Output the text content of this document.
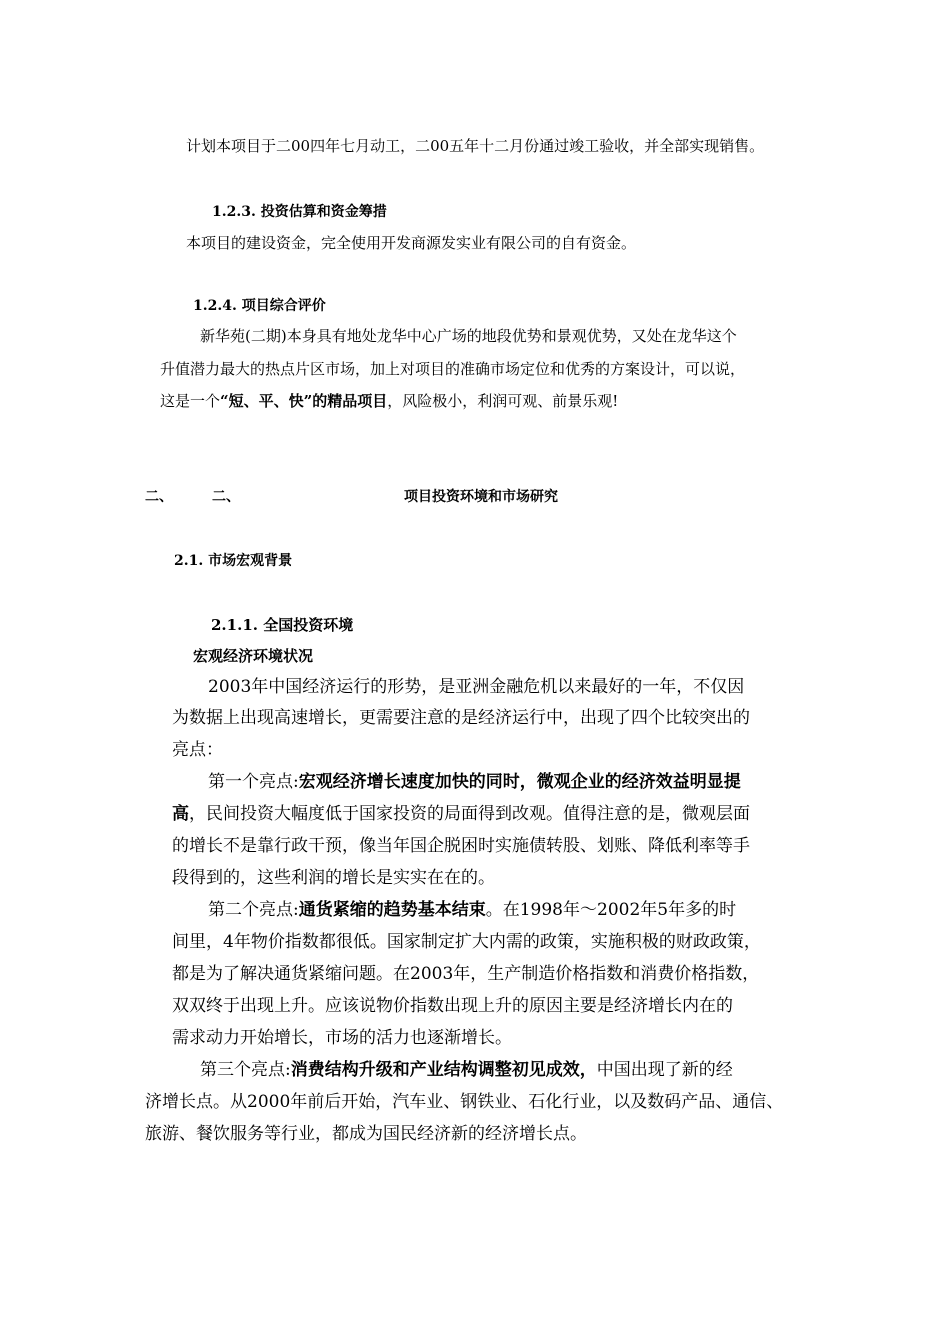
计划本项目于二00四年七月动工，二00五年十二月份通过竣工验收，并全部实现销售。

1.2.3. 投资估算和资金筹措

本项目的建设资金，完全使用开发商源发实业有限公司的自有资金。

1.2.4. 项目综合评价

新华苑(二期)本身具有地处龙华中心广场的地段优势和景观优势，又处在龙华这个

升值潜力最大的热点片区市场，加上对项目的准确市场定位和优秀的方案设计，可以说，

这是一个“短、平、快”的精品项目，风险极小，利润可观、前景乐观!

二、	二、	项目投资环境和市场研究

2.1. 市场宏观背景

2.1.1. 全国投资环境

宏观经济环境状况

2003年中国经济运行的形势，是亚洲金融危机以来最好的一年，不仅因

为数据上出现高速增长，更需要注意的是经济运行中，出现了四个比较突出的

亮点：

第一个亮点:宏观经济增长速度加快的同时，微观企业的经济效益明显提

高，民间投资大幅度低于国家投资的局面得到改观。值得注意的是，微观层面

的增长不是靠行政干预，像当年国企脱困时实施债转股、划账、降低利率等手

段得到的，这些利润的增长是实实在在的。

第二个亮点:通货紧缩的趋势基本结束。在1998年～2002年5年多的时

间里，4年物价指数都很低。国家制定扩大内需的政策，实施积极的财政政策，

都是为了解决通货紧缩问题。在2003年，生产制造价格指数和消费价格指数，

双双终于出现上升。应该说物价指数出现上升的原因主要是经济增长内在的

需求动力开始增长，市场的活力也逐渐增长。

第三个亮点:消费结构升级和产业结构调整初见成效，中国出现了新的经

济增长点。从2000年前后开始，汽车业、钢铁业、石化行业，以及数码产品、通信、

旅游、餐饮服务等行业，都成为国民经济新的经济增长点。
